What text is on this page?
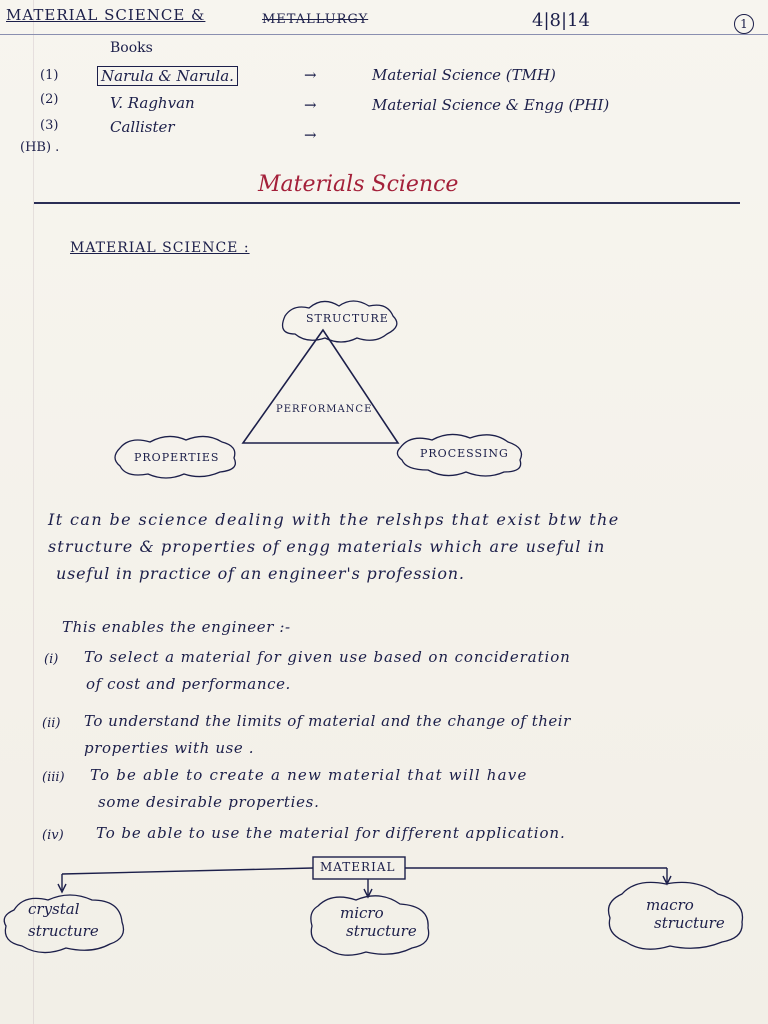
MATERIAL SCIENCE &	METALLURGY	4|8|14	1
Books
(1)	Narula & Narula.	→	Material Science (TMH)
(2)	V. Raghvan	→	Material Science & Engg (PHI)
(3)	Callister	→
(HB) .
Materials Science
MATERIAL SCIENCE :
STRUCTURE
PERFORMANCE
PROPERTIES	PROCESSING
It can be science dealing with the relshps that exist btw the
structure & properties of engg materials which are useful in
useful in practice of an engineer's profession.
This enables the engineer :-
(i) To select a material for given use based on concideration
of cost and performance.
(ii) To understand the limits of material and the change of their
properties with use .
(iii) To be able to create a new material that will have
some desirable properties.
(iv) To be able to use the material for different application.
MATERIAL
crystal
structure
micro
structure
macro
structure
